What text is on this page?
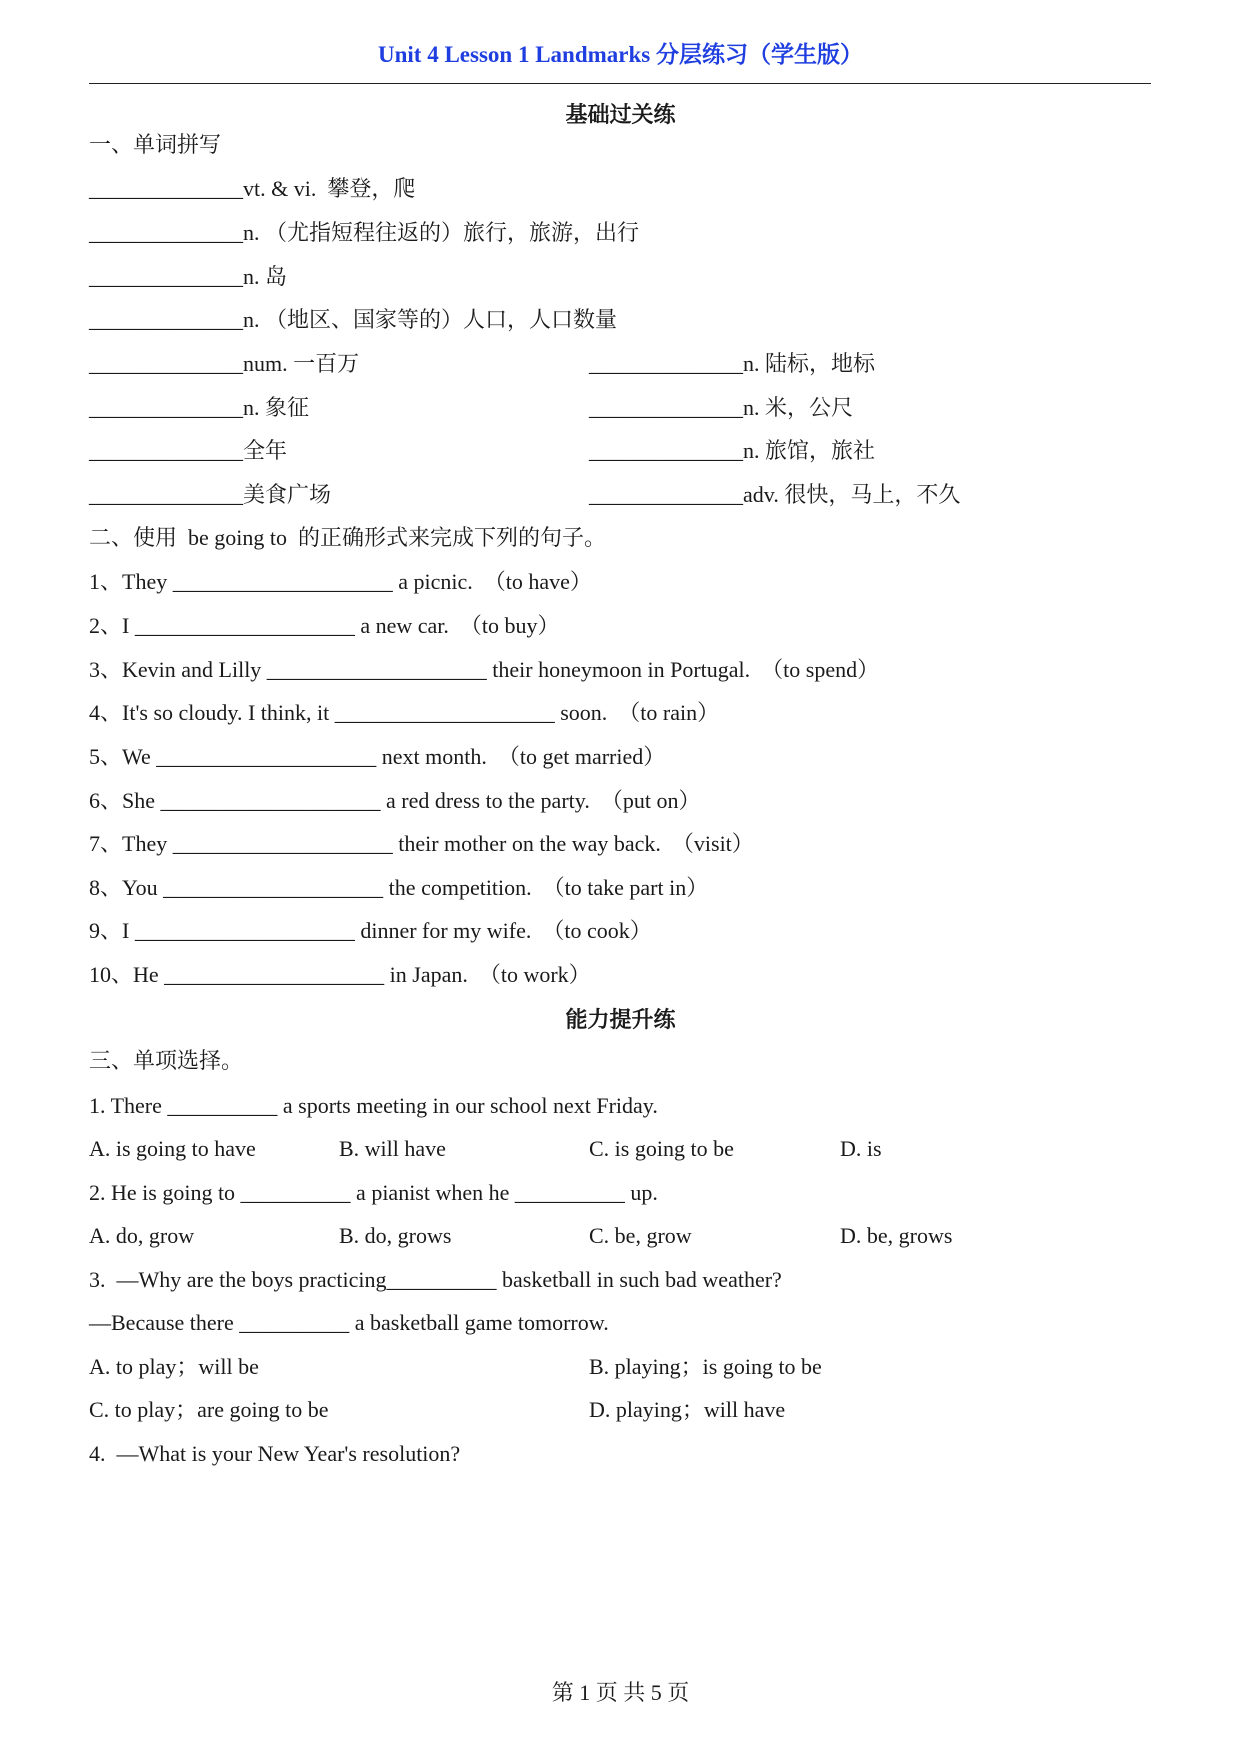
Unit 4 Lesson 1 Landmarks 分层练习（学生版）
基础过关练
一、单词拼写
______________vt. & vi.  攀登，爬
______________n. （尤指短程往返的）旅行，旅游，出行
______________n. 岛
______________n. （地区、国家等的）人口，人口数量
______________num. 一百万	______________n. 陆标，地标
______________n. 象征	______________n. 米，公尺
______________全年	______________n. 旅馆，旅社
______________美食广场	______________adv. 很快，马上，不久
二、使用  be going to  的正确形式来完成下列的句子。
1、They ____________________ a picnic.  （to have）
2、I ____________________ a new car.  （to buy）
3、Kevin and Lilly ____________________ their honeymoon in Portugal.  （to spend）
4、It's so cloudy. I think, it ____________________ soon.  （to rain）
5、We ____________________ next month.  （to get married）
6、She ____________________ a red dress to the party.  （put on）
7、They ____________________ their mother on the way back.  （visit）
8、You ____________________ the competition.  （to take part in）
9、I ____________________ dinner for my wife.  （to cook）
10、He ____________________ in Japan.  （to work）
能力提升练
三、单项选择。
1. There __________ a sports meeting in our school next Friday.
A. is going to have	B. will have	C. is going to be	D. is
2. He is going to __________ a pianist when he __________ up.
A. do, grow	B. do, grows	C. be, grow	D. be, grows
3.  —Why are the boys practicing__________ basketball in such bad weather?
—Because there __________ a basketball game tomorrow.
A. to play；will be	B. playing；is going to be
C. to play；are going to be	D. playing；will have
4.  —What is your New Year's resolution?
第 1 页 共 5 页
